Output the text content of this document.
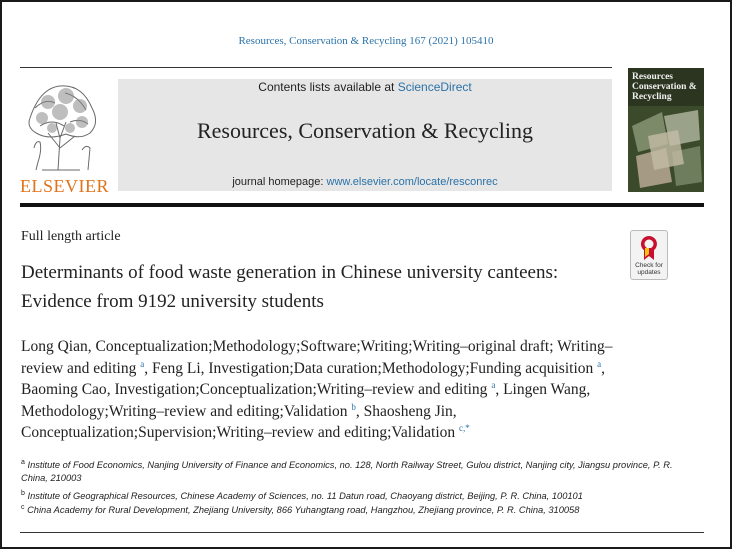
Resources, Conservation & Recycling 167 (2021) 105410
ELSEVIER
Contents lists available at ScienceDirect
Resources, Conservation & Recycling
journal homepage: www.elsevier.com/locate/resconrec
Resources Conservation & Recycling
Full length article
Check for updates
Determinants of food waste generation in Chinese university canteens: Evidence from 9192 university students
Long Qian, Conceptualization;Methodology;Software;Writing;Writing–original draft; Writing–review and editing $^a$, Feng Li, Investigation;Data curation;Methodology;Funding acquisition $^a$, Baoming Cao, Investigation;Conceptualization;Writing–review and editing $^a$, Lingen Wang, Methodology;Writing–review and editing;Validation $^b$, Shaosheng Jin, Conceptualization;Supervision;Writing–review and editing;Validation $^{c,*}$
$^a$ Institute of Food Economics, Nanjing University of Finance and Economics, no. 128, North Railway Street, Gulou district, Nanjing city, Jiangsu province, P. R. China, 210003
$^b$ Institute of Geographical Resources, Chinese Academy of Sciences, no. 11 Datun road, Chaoyang district, Beijing, P. R. China, 100101
$^c$ China Academy for Rural Development, Zhejiang University, 866 Yuhangtang road, Hangzhou, Zhejiang province, P. R. China, 310058
